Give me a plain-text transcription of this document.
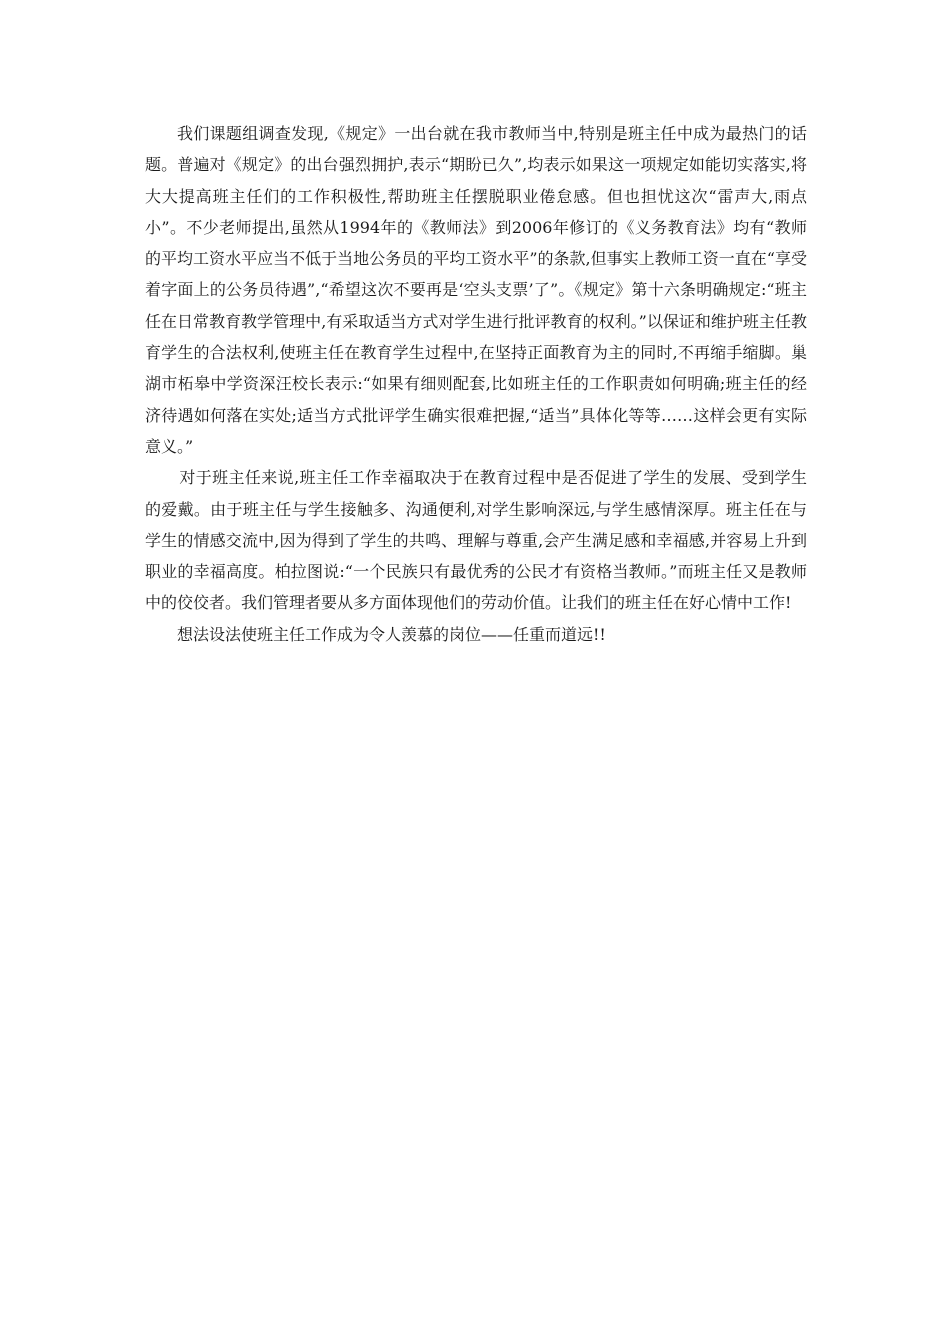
我们课题组调查发现,《规定》一出台就在我市教师当中,特别是班主任中成为最热门的话题。普遍对《规定》的出台强烈拥护,表示“期盼已久”,均表示如果这一项规定如能切实落实,将大大提高班主任们的工作积极性,帮助班主任摆脱职业倦怠感。但也担忧这次“雷声大,雨点小”。不少老师提出,虽然从1994年的《教师法》到2006年修订的《义务教育法》均有“教师的平均工资水平应当不低于当地公务员的平均工资水平”的条款,但事实上教师工资一直在“享受着字面上的公务员待遇”,“希望这次不要再是‘空头支票’了”。《规定》第十六条明确规定:“班主任在日常教育教学管理中,有采取适当方式对学生进行批评教育的权利。”以保证和维护班主任教育学生的合法权利,使班主任在教育学生过程中,在坚持正面教育为主的同时,不再缩手缩脚。巢湖市柘皋中学资深汪校长表示:“如果有细则配套,比如班主任的工作职责如何明确;班主任的经济待遇如何落在实处;适当方式批评学生确实很难把握,“适当”具体化等等……这样会更有实际意义。”

对于班主任来说,班主任工作幸福取决于在教育过程中是否促进了学生的发展、受到学生的爱戴。由于班主任与学生接触多、沟通便利,对学生影响深远,与学生感情深厚。班主任在与学生的情感交流中,因为得到了学生的共鸣、理解与尊重,会产生满足感和幸福感,并容易上升到职业的幸福高度。柏拉图说:“一个民族只有最优秀的公民才有资格当教师。”而班主任又是教师中的佼佼者。我们管理者要从多方面体现他们的劳动价值。让我们的班主任在好心情中工作!

想法设法使班主任工作成为令人羡慕的岗位——任重而道远!!
